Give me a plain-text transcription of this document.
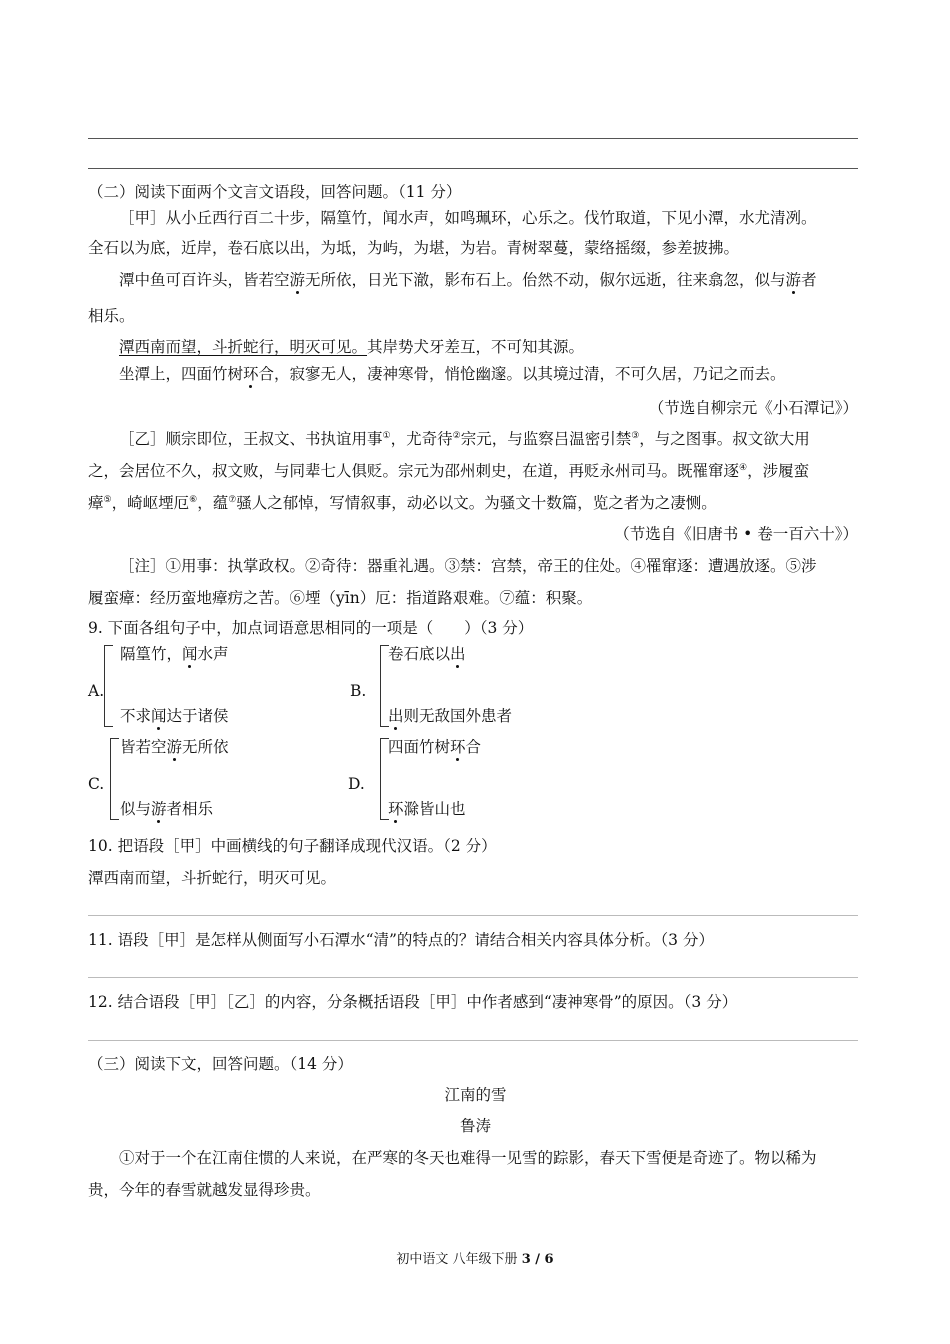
（二）阅读下面两个文言文语段，回答问题。（11 分）
［甲］从小丘西行百二十步，隔篁竹，闻水声，如鸣珮环，心乐之。伐竹取道，下见小潭，水尤清冽。
全石以为底，近岸，卷石底以出，为坻，为屿，为堪，为岩。青树翠蔓，蒙络摇缀，参差披拂。
潭中鱼可百许头，皆若空游无所依，日光下澈，影布石上。佁然不动，俶尔远逝，往来翕忽，似与游者
相乐。
潭西南而望，斗折蛇行，明灭可见。其岸势犬牙差互，不可知其源。
坐潭上，四面竹树环合，寂寥无人，凄神寒骨，悄怆幽邃。以其境过清，不可久居，乃记之而去。
（节选自柳宗元《小石潭记》）
［乙］顺宗即位，王叔文、书执谊用事①，尤奇待②宗元，与监察吕温密引禁③，与之图事。叔文欲大用
之，会居位不久，叔文败，与同辈七人俱贬。宗元为邵州刺史，在道，再贬永州司马。既罹窜逐④，涉履蛮
瘴⑤，崎岖堙厄⑥，蕴⑦骚人之郁悼，写情叙事，动必以文。为骚文十数篇，览之者为之凄恻。
（节选自《旧唐书 • 卷一百六十》）
［注］①用事：执掌政权。②奇待：器重礼遇。③禁：宫禁，帝王的住处。④罹窜逐：遭遇放逐。⑤涉
履蛮瘴：经历蛮地瘴疠之苦。⑥堙（yīn）厄：指道路艰难。⑦蕴：积聚。
9. 下面各组句子中，加点词语意思相同的一项是（　　）（3 分）
A.
隔篁竹，闻水声
不求闻达于诸侯
B.
卷石底以出
出则无敌国外患者
C.
皆若空游无所依
似与游者相乐
D.
四面竹树环合
环滁皆山也
10. 把语段［甲］中画横线的句子翻译成现代汉语。（2 分）
潭西南而望，斗折蛇行，明灭可见。
11. 语段［甲］是怎样从侧面写小石潭水“清”的特点的？请结合相关内容具体分析。（3 分）
12. 结合语段［甲］［乙］的内容，分条概括语段［甲］中作者感到“凄神寒骨”的原因。（3 分）
（三）阅读下文，回答问题。（14 分）
江南的雪
鲁涛
①对于一个在江南住惯的人来说，在严寒的冬天也难得一见雪的踪影，春天下雪便是奇迹了。物以稀为
贵，今年的春雪就越发显得珍贵。
初中语文 八年级下册 3 / 6
